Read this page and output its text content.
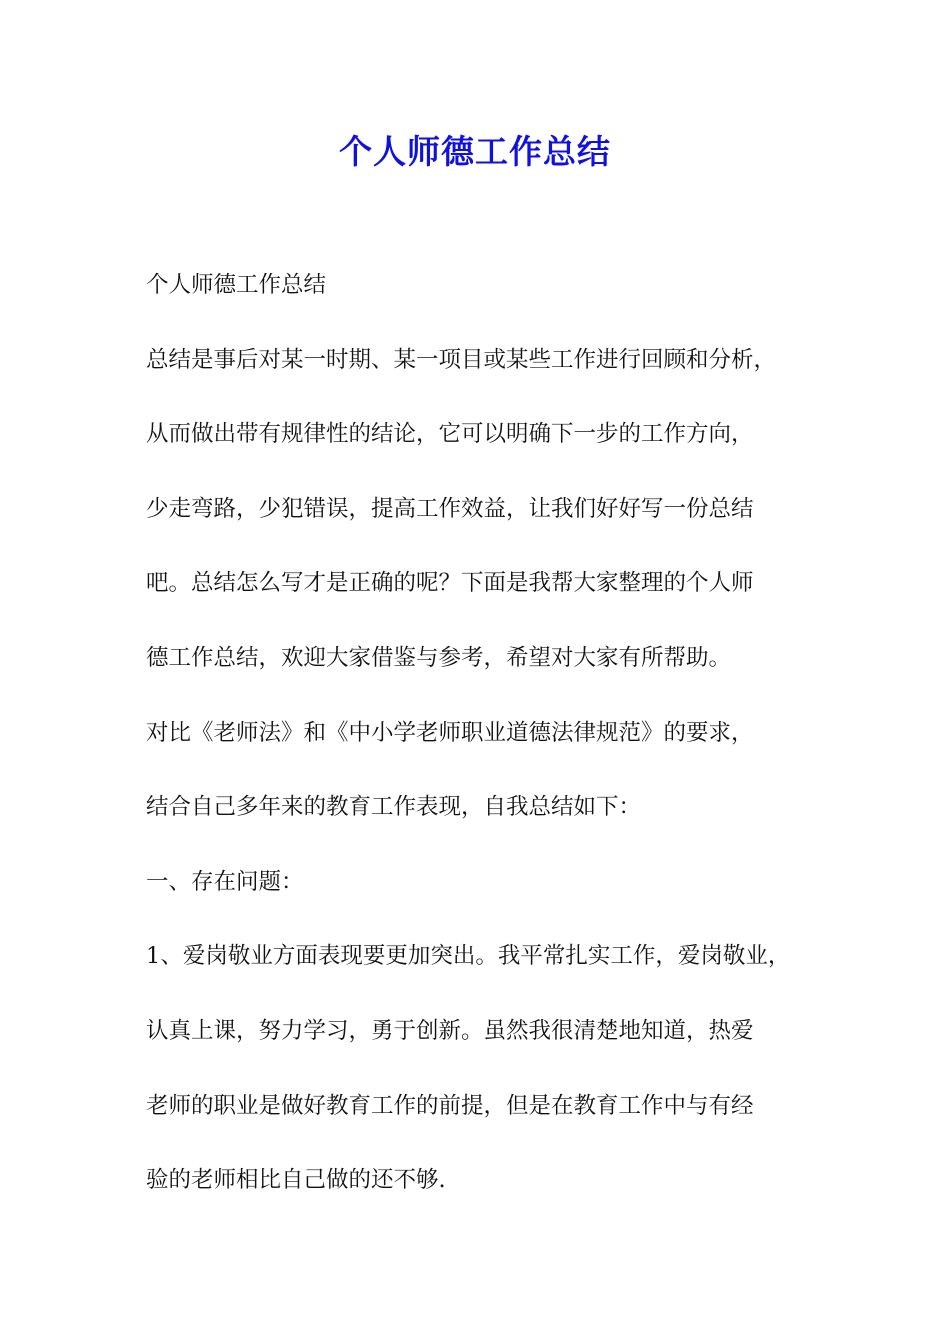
个人师德工作总结
个人师德工作总结
总结是事后对某一时期、某一项目或某些工作进行回顾和分析，
从而做出带有规律性的结论，它可以明确下一步的工作方向，
少走弯路，少犯错误，提高工作效益，让我们好好写一份总结
吧。总结怎么写才是正确的呢？下面是我帮大家整理的个人师
德工作总结，欢迎大家借鉴与参考，希望对大家有所帮助。
对比《老师法》和《中小学老师职业道德法律规范》的要求，
结合自己多年来的教育工作表现，自我总结如下：
一、存在问题：
1、爱岗敬业方面表现要更加突出。我平常扎实工作，爱岗敬业，
认真上课，努力学习，勇于创新。虽然我很清楚地知道，热爱
老师的职业是做好教育工作的前提，但是在教育工作中与有经
验的老师相比自己做的还不够.
